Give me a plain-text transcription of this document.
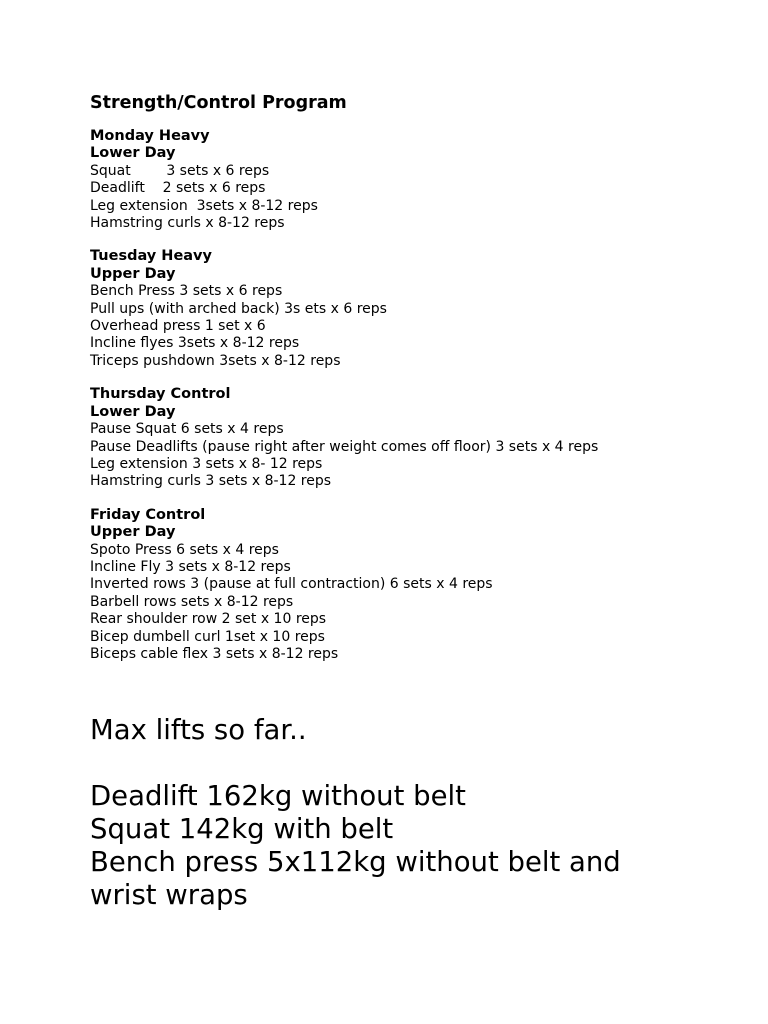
Strength/Control Program
Monday Heavy
Lower Day
Squat        3 sets x 6 reps
Deadlift    2 sets x 6 reps
Leg extension  3sets x 8-12 reps
Hamstring curls x 8-12 reps
Tuesday Heavy
Upper Day
Bench Press 3 sets x 6 reps
Pull ups (with arched back) 3s ets x 6 reps
Overhead press 1 set x 6
Incline flyes 3sets x 8-12 reps
Triceps pushdown 3sets x 8-12 reps
Thursday Control
Lower Day
Pause Squat 6 sets x 4 reps
Pause Deadlifts (pause right after weight comes off floor) 3 sets x 4 reps
Leg extension 3 sets x 8- 12 reps
Hamstring curls 3 sets x 8-12 reps
Friday Control
Upper Day
Spoto Press 6 sets x 4 reps
Incline Fly 3 sets x 8-12 reps
Inverted rows 3 (pause at full contraction) 6 sets x 4 reps
Barbell rows sets x 8-12 reps
Rear shoulder row 2 set x 10 reps
Bicep dumbell curl 1set x 10 reps
Biceps cable flex 3 sets x 8-12 reps
Max lifts so far..
Deadlift 162kg without belt
Squat 142kg with belt
Bench press 5x112kg without belt and
wrist wraps
